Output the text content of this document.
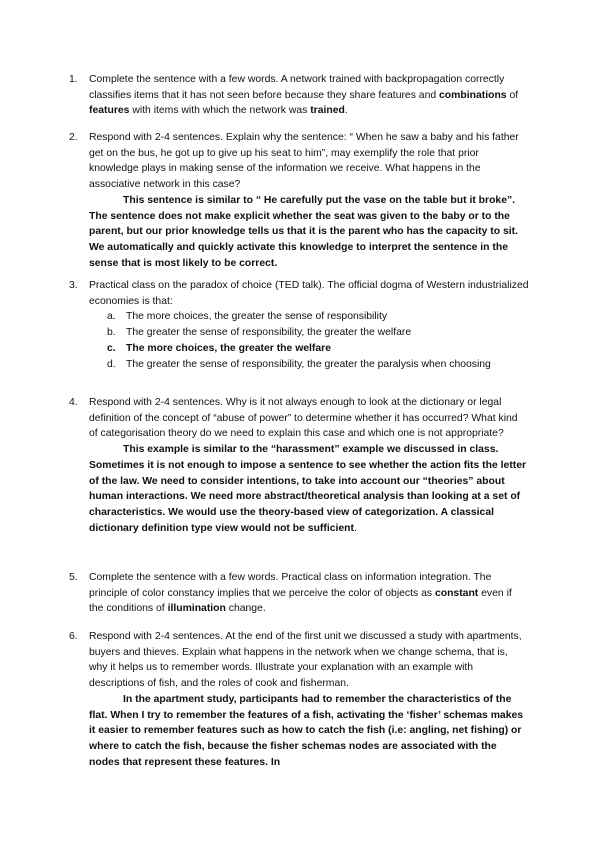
1. Complete the sentence with a few words. A network trained with backpropagation correctly classifies items that it has not seen before because they share features and combinations of features with items with which the network was trained.
2. Respond with 2-4 sentences. Explain why the sentence: “ When he saw a baby and his father get on the bus, he got up to give up his seat to him”, may exemplify the role that prior knowledge plays in making sense of the information we receive. What happens in the associative network in this case?
This sentence is similar to “ He carefully put the vase on the table but it broke”. The sentence does not make explicit whether the seat was given to the baby or to the parent, but our prior knowledge tells us that it is the parent who has the capacity to sit. We automatically and quickly activate this knowledge to interpret the sentence in the sense that is most likely to be correct.
3. Practical class on the paradox of choice (TED talk). The official dogma of Western industrialized economies is that:
a. The more choices, the greater the sense of responsibility
b. The greater the sense of responsibility, the greater the welfare
c. The more choices, the greater the welfare
d. The greater the sense of responsibility, the greater the paralysis when choosing
4. Respond with 2-4 sentences. Why is it not always enough to look at the dictionary or legal definition of the concept of “abuse of power” to determine whether it has occurred? What kind of categorisation theory do we need to explain this case and which one is not appropriate?
This example is similar to the “harassment” example we discussed in class. Sometimes it is not enough to impose a sentence to see whether the action fits the letter of the law. We need to consider intentions, to take into account our “theories” about human interactions. We need more abstract/theoretical analysis than looking at a set of characteristics. We would use the theory-based view of categorization. A classical dictionary definition type view would not be sufficient.
5. Complete the sentence with a few words. Practical class on information integration. The principle of color constancy implies that we perceive the color of objects as constant even if the conditions of illumination change.
6. Respond with 2-4 sentences. At the end of the first unit we discussed a study with apartments, buyers and thieves. Explain what happens in the network when we change schema, that is, why it helps us to remember words. Illustrate your explanation with an example with descriptions of fish, and the roles of cook and fisherman.
In the apartment study, participants had to remember the characteristics of the flat. When I try to remember the features of a fish, activating the ‘fisher’ schemas makes it easier to remember features such as how to catch the fish (i.e: angling, net fishing) or where to catch the fish, because the fisher schemas nodes are associated with the nodes that represent these features. In
